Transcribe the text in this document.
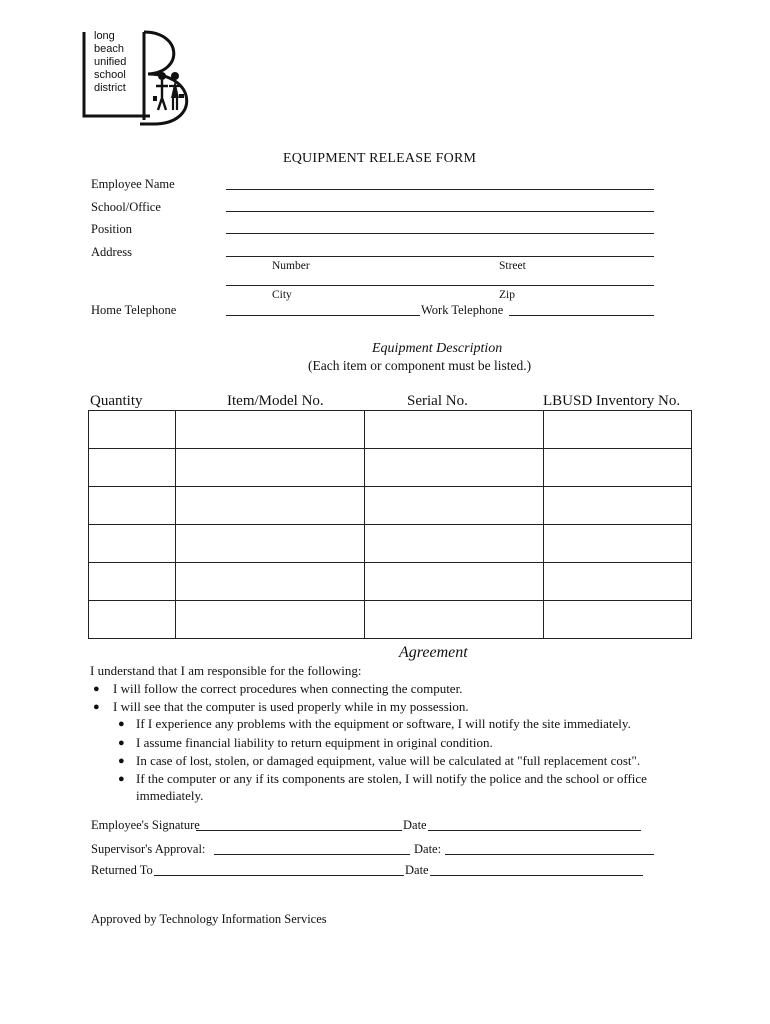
long
beach
unified
school
district
EQUIPMENT RELEASE FORM
Employee Name
School/Office
Position
Address
Number	Street
City	Zip
Home Telephone	Work Telephone
Equipment Description
(Each item or component must be listed.)
Quantity	Item/Model No.	Serial No.	LBUSD Inventory No.

Agreement
I understand that I am responsible for the following:
● I will follow the correct procedures when connecting the computer.
● I will see that the computer is used properly while in my possession.
● If I experience any problems with the equipment or software, I will notify the site immediately.
● I assume financial liability to return equipment in original condition.
● In case of lost, stolen, or damaged equipment, value will be calculated at "full replacement cost".
● If the computer or any if its components are stolen, I will notify the police and the school or office
immediately.
Employee's Signature	Date
Supervisor's Approval:	Date:
Returned To	Date
Approved by Technology Information Services
